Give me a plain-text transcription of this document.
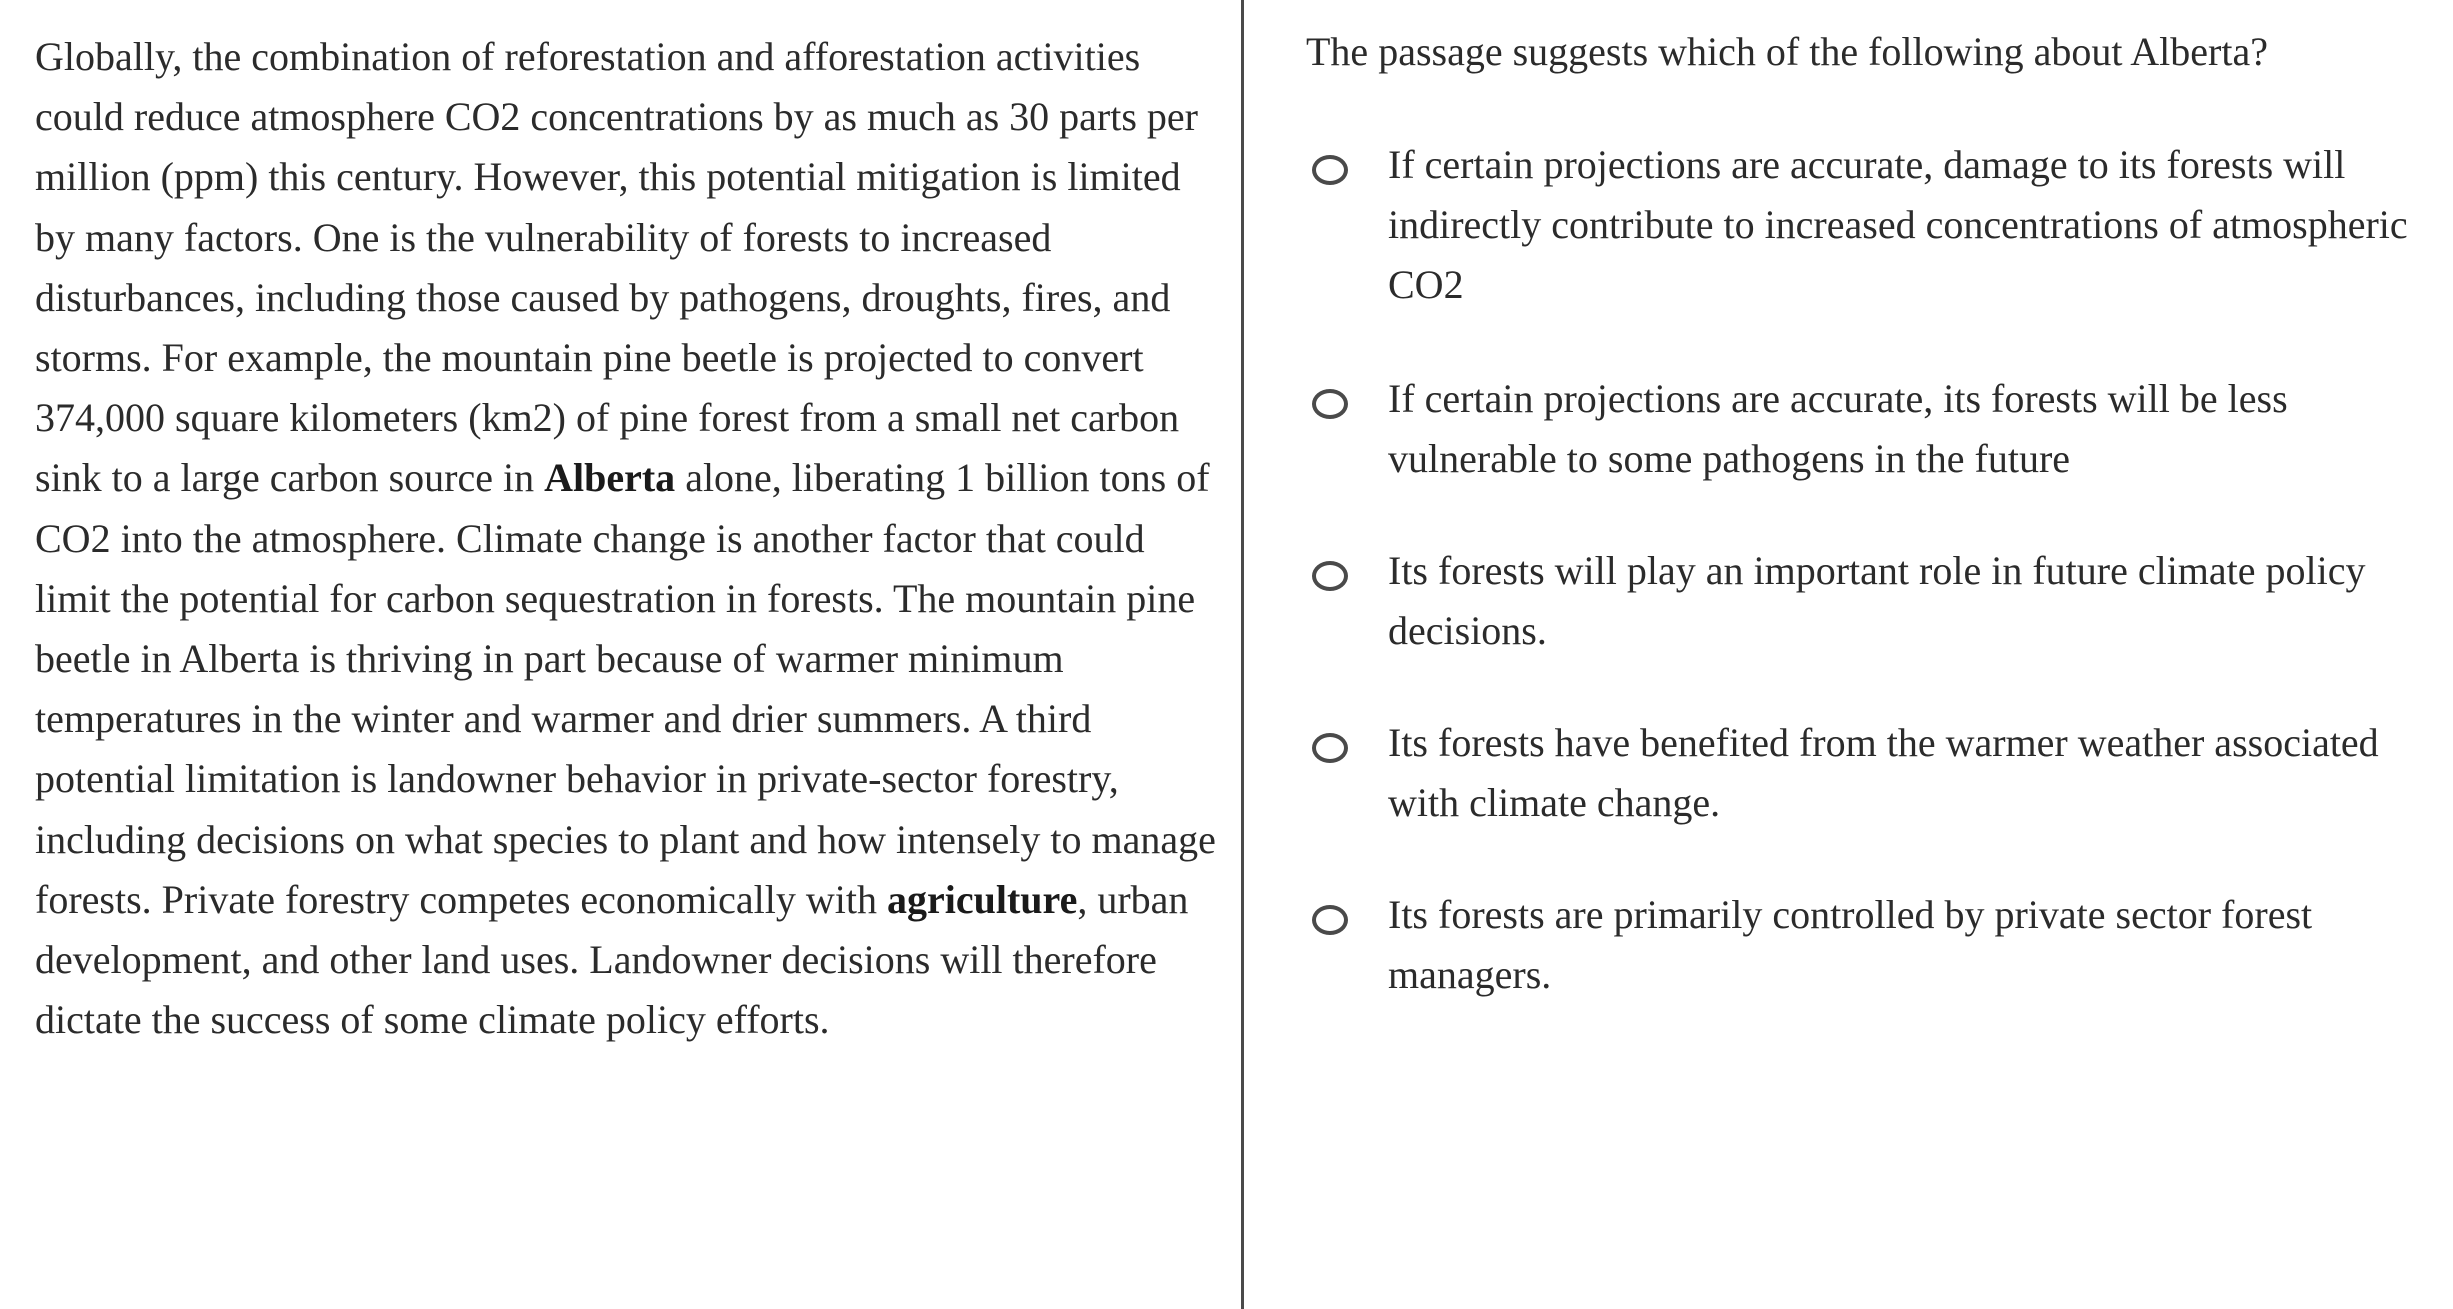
Globally, the combination of reforestation and afforestation activities could reduce atmosphere CO2 concentrations by as much as 30 parts per million (ppm) this century. However, this potential mitigation is limited by many factors. One is the vulnerability of forests to increased disturbances, including those caused by pathogens, droughts, fires, and storms. For example, the mountain pine beetle is projected to convert 374,000 square kilometers (km2) of pine forest from a small net carbon sink to a large carbon source in Alberta alone, liberating 1 billion tons of CO2 into the atmosphere. Climate change is another factor that could limit the potential for carbon sequestration in forests. The mountain pine beetle in Alberta is thriving in part because of warmer minimum temperatures in the winter and warmer and drier summers. A third potential limitation is landowner behavior in private-sector forestry, including decisions on what species to plant and how intensely to manage forests. Private forestry competes economically with agriculture, urban development, and other land uses. Landowner decisions will therefore dictate the success of some climate policy efforts.

The passage suggests which of the following about Alberta?
If certain projections are accurate, damage to its forests will indirectly contribute to increased concentrations of atmospheric CO2
If certain projections are accurate, its forests will be less vulnerable to some pathogens in the future
Its forests will play an important role in future climate policy decisions.
Its forests have benefited from the warmer weather associated with climate change.
Its forests are primarily controlled by private sector forest managers.
